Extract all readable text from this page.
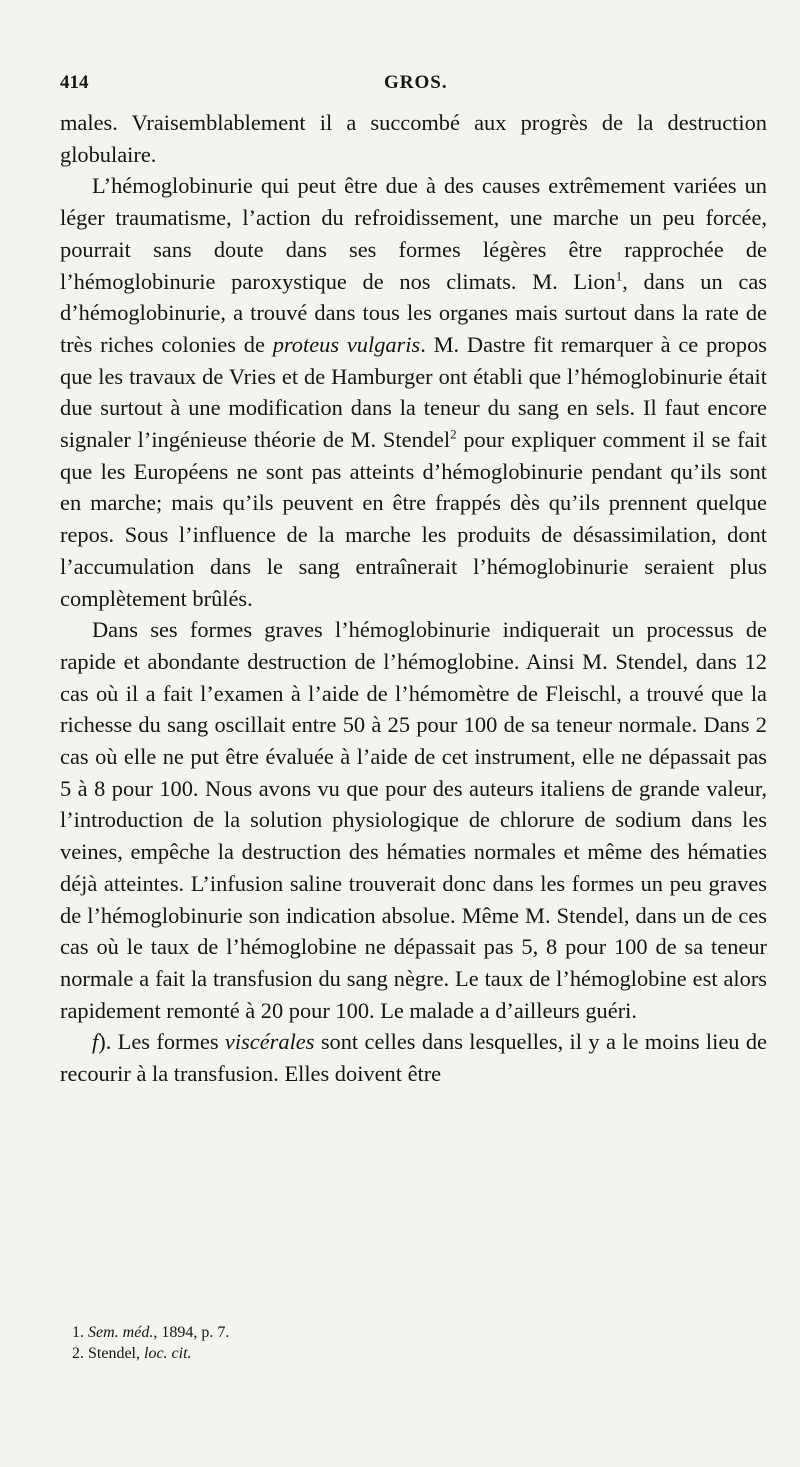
414	GROS.

males. Vraisemblablement il a succombé aux progrès de la destruction globulaire.

L’hémoglobinurie qui peut être due à des causes extrêmement variées un léger traumatisme, l’action du refroidissement, une marche un peu forcée, pourrait sans doute dans ses formes légères être rapprochée de l’hémoglobinurie paroxystique de nos climats. M. Lion$^1$, dans un cas d’hémoglobinurie, a trouvé dans tous les organes mais surtout dans la rate de très riches colonies de proteus vulgaris. M. Dastre fit remarquer à ce propos que les travaux de Vries et de Hamburger ont établi que l’hémoglobinurie était due surtout à une modification dans la teneur du sang en sels. Il faut encore signaler l’ingénieuse théorie de M. Stendel$^2$ pour expliquer comment il se fait que les Européens ne sont pas atteints d’hémoglobinurie pendant qu’ils sont en marche; mais qu’ils peuvent en être frappés dès qu’ils prennent quelque repos. Sous l’influence de la marche les produits de désassimilation, dont l’accumulation dans le sang entraînerait l’hémoglobinurie seraient plus complètement brûlés.

Dans ses formes graves l’hémoglobinurie indiquerait un processus de rapide et abondante destruction de l’hémoglobine. Ainsi M. Stendel, dans 12 cas où il a fait l’examen à l’aide de l’hémomètre de Fleischl, a trouvé que la richesse du sang oscillait entre 50 à 25 pour 100 de sa teneur normale. Dans 2 cas où elle ne put être évaluée à l’aide de cet instrument, elle ne dépassait pas 5 à 8 pour 100. Nous avons vu que pour des auteurs italiens de grande valeur, l’introduction de la solution physiologique de chlorure de sodium dans les veines, empêche la destruction des hématies normales et même des hématies déjà atteintes. L’infusion saline trouverait donc dans les formes un peu graves de l’hémoglobinurie son indication absolue. Même M. Stendel, dans un de ces cas où le taux de l’hémoglobine ne dépassait pas 5, 8 pour 100 de sa teneur normale a fait la transfusion du sang nègre. Le taux de l’hémoglobine est alors rapidement remonté à 20 pour 100. Le malade a d’ailleurs guéri.

f). Les formes viscérales sont celles dans lesquelles, il y a le moins lieu de recourir à la transfusion. Elles doivent être

1. Sem. méd., 1894, p. 7.
2. Stendel, loc. cit.
